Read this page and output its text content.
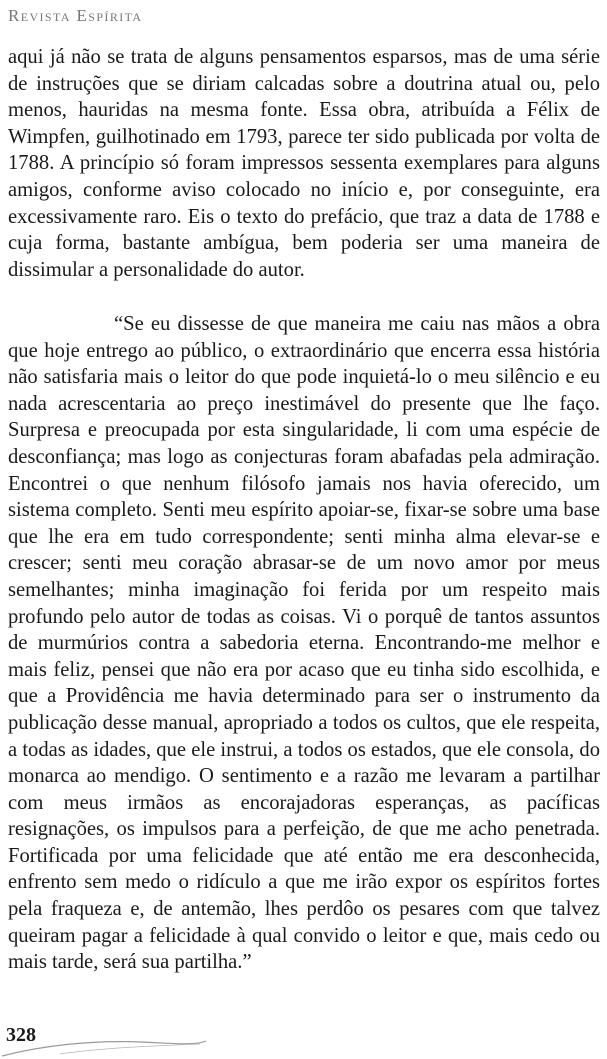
Revista Espírita

aqui já não se trata de alguns pensamentos esparsos, mas de uma série de instruções que se diriam calcadas sobre a doutrina atual ou, pelo menos, hauridas na mesma fonte. Essa obra, atribuída a Félix de Wimpfen, guilhotinado em 1793, parece ter sido publicada por volta de 1788. A princípio só foram impressos sessenta exemplares para alguns amigos, conforme aviso colocado no início e, por conseguinte, era excessivamente raro. Eis o texto do prefácio, que traz a data de 1788 e cuja forma, bastante ambígua, bem poderia ser uma maneira de dissimular a personalidade do autor.

“Se eu dissesse de que maneira me caiu nas mãos a obra que hoje entrego ao público, o extraordinário que encerra essa história não satisfaria mais o leitor do que pode inquietá-lo o meu silêncio e eu nada acrescentaria ao preço inestimável do presente que lhe faço. Surpresa e preocupada por esta singularidade, li com uma espécie de desconfiança; mas logo as conjecturas foram abafadas pela admiração. Encontrei o que nenhum filósofo jamais nos havia oferecido, um sistema completo. Senti meu espírito apoiar-se, fixar-se sobre uma base que lhe era em tudo correspondente; senti minha alma elevar-se e crescer; senti meu coração abrasar-se de um novo amor por meus semelhantes; minha imaginação foi ferida por um respeito mais profundo pelo autor de todas as coisas. Vi o porquê de tantos assuntos de murmúrios contra a sabedoria eterna. Encontrando-me melhor e mais feliz, pensei que não era por acaso que eu tinha sido escolhida, e que a Providência me havia determinado para ser o instrumento da publicação desse manual, apropriado a todos os cultos, que ele respeita, a todas as idades, que ele instrui, a todos os estados, que ele consola, do monarca ao mendigo. O sentimento e a razão me levaram a partilhar com meus irmãos as encorajadoras esperanças, as pacíficas resignações, os impulsos para a perfeição, de que me acho penetrada. Fortificada por uma felicidade que até então me era desconhecida, enfrento sem medo o ridículo a que me irão expor os espíritos fortes pela fraqueza e, de antemão, lhes perdôo os pesares com que talvez queiram pagar a felicidade à qual convido o leitor e que, mais cedo ou mais tarde, será sua partilha.”

328
